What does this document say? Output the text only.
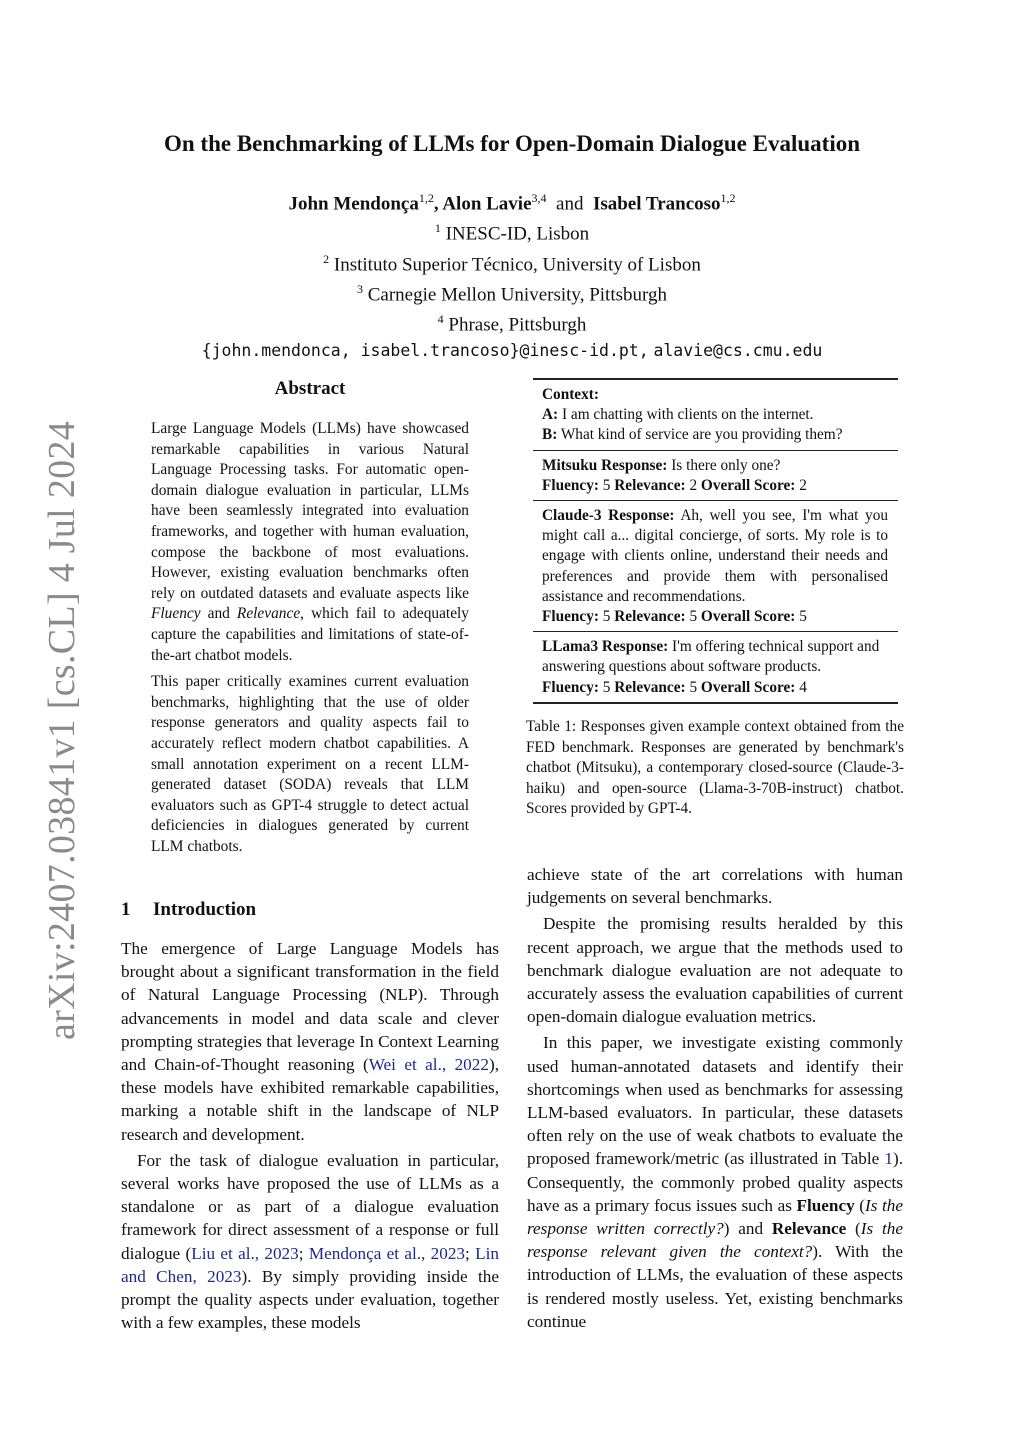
On the Benchmarking of LLMs for Open-Domain Dialogue Evaluation
John Mendonça$^{1,2}$, Alon Lavie$^{3,4}$  and  Isabel Trancoso$^{1,2}$
$^1$ INESC-ID, Lisbon
$^2$ Instituto Superior Técnico, University of Lisbon
$^3$ Carnegie Mellon University, Pittsburgh
$^4$ Phrase, Pittsburgh
{john.mendonca, isabel.trancoso}@inesc-id.pt, alavie@cs.cmu.edu
arXiv:2407.03841v1 [cs.CL] 4 Jul 2024
Abstract

Large Language Models (LLMs) have showcased remarkable capabilities in various Natural Language Processing tasks. For automatic open-domain dialogue evaluation in particular, LLMs have been seamlessly integrated into evaluation frameworks, and together with human evaluation, compose the backbone of most evaluations. However, existing evaluation benchmarks often rely on outdated datasets and evaluate aspects like Fluency and Relevance, which fail to adequately capture the capabilities and limitations of state-of-the-art chatbot models.

This paper critically examines current evaluation benchmarks, highlighting that the use of older response generators and quality aspects fail to accurately reflect modern chatbot capabilities. A small annotation experiment on a recent LLM-generated dataset (SODA) reveals that LLM evaluators such as GPT-4 struggle to detect actual deficiencies in dialogues generated by current LLM chatbots.

1 Introduction

The emergence of Large Language Models has brought about a significant transformation in the field of Natural Language Processing (NLP). Through advancements in model and data scale and clever prompting strategies that leverage In Context Learning and Chain-of-Thought reasoning (Wei et al., 2022), these models have exhibited remarkable capabilities, marking a notable shift in the landscape of NLP research and development.

For the task of dialogue evaluation in particular, several works have proposed the use of LLMs as a standalone or as part of a dialogue evaluation framework for direct assessment of a response or full dialogue (Liu et al., 2023; Mendonça et al., 2023; Lin and Chen, 2023). By simply providing inside the prompt the quality aspects under evaluation, together with a few examples, these models

Context:
A: I am chatting with clients on the internet.
B: What kind of service are you providing them?
Mitsuku Response: Is there only one?
Fluency: 5 Relevance: 2 Overall Score: 2
Claude-3 Response: Ah, well you see, I'm what you might call a... digital concierge, of sorts. My role is to engage with clients online, understand their needs and preferences and provide them with personalised assistance and recommendations.
Fluency: 5 Relevance: 5 Overall Score: 5
LLama3 Response: I'm offering technical support and answering questions about software products.
Fluency: 5 Relevance: 5 Overall Score: 4
Table 1: Responses given example context obtained from the FED benchmark. Responses are generated by benchmark's chatbot (Mitsuku), a contemporary closed-source (Claude-3-haiku) and open-source (Llama-3-70B-instruct) chatbot. Scores provided by GPT-4.

achieve state of the art correlations with human judgements on several benchmarks.

Despite the promising results heralded by this recent approach, we argue that the methods used to benchmark dialogue evaluation are not adequate to accurately assess the evaluation capabilities of current open-domain dialogue evaluation metrics.

In this paper, we investigate existing commonly used human-annotated datasets and identify their shortcomings when used as benchmarks for assessing LLM-based evaluators. In particular, these datasets often rely on the use of weak chatbots to evaluate the proposed framework/metric (as illustrated in Table 1). Consequently, the commonly probed quality aspects have as a primary focus issues such as Fluency (Is the response written correctly?) and Relevance (Is the response relevant given the context?). With the introduction of LLMs, the evaluation of these aspects is rendered mostly useless. Yet, existing benchmarks continue
